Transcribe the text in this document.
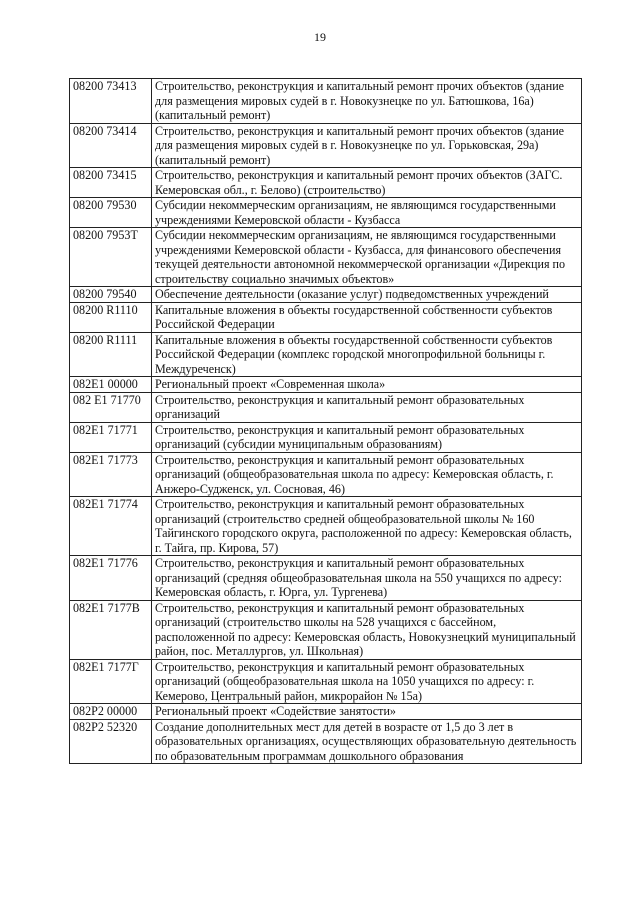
19
08200 73413	Строительство, реконструкция и капитальный ремонт прочих объектов (здание для размещения мировых судей в г. Новокузнецке по ул. Батюшкова, 16а) (капитальный ремонт)
08200 73414	Строительство, реконструкция и капитальный ремонт прочих объектов (здание для размещения мировых судей в г. Новокузнецке по ул. Горьковская, 29а) (капитальный ремонт)
08200 73415	Строительство, реконструкция и капитальный ремонт прочих объектов (ЗАГС. Кемеровская обл., г. Белово) (строительство)
08200 79530	Субсидии некоммерческим организациям, не являющимся государственными учреждениями Кемеровской области - Кузбасса
08200 7953Т	Субсидии некоммерческим организациям, не являющимся государственными учреждениями Кемеровской области - Кузбасса, для финансового обеспечения текущей деятельности автономной некоммерческой организации «Дирекция по строительству социально значимых объектов»
08200 79540	Обеспечение деятельности (оказание услуг) подведомственных учреждений
08200 R1110	Капитальные вложения в объекты государственной собственности субъектов Российской Федерации
08200 R1111	Капитальные вложения в объекты государственной собственности субъектов Российской Федерации (комплекс городской многопрофильной больницы г. Междуреченск)
082E1 00000	Региональный проект «Современная школа»
082 E1 71770	Строительство, реконструкция и капитальный ремонт образовательных организаций
082E1 71771	Строительство, реконструкция и капитальный ремонт образовательных организаций (субсидии муниципальным образованиям)
082E1 71773	Строительство, реконструкция и капитальный ремонт образовательных организаций (общеобразовательная школа по адресу: Кемеровская область, г. Анжеро-Судженск, ул. Сосновая, 46)
082E1 71774	Строительство, реконструкция и капитальный ремонт образовательных организаций (строительство средней общеобразовательной школы № 160 Тайгинского городского округа, расположенной по адресу: Кемеровская область, г. Тайга, пр. Кирова, 57)
082E1 71776	Строительство, реконструкция и капитальный ремонт образовательных организаций (средняя общеобразовательная школа на 550 учащихся по адресу: Кемеровская область, г. Юрга, ул. Тургенева)
082E1 7177В	Строительство, реконструкция и капитальный ремонт образовательных организаций (строительство школы на 528 учащихся с бассейном, расположенной по адресу: Кемеровская область, Новокузнецкий муниципальный район, пос. Металлургов, ул. Школьная)
082E1 7177Г	Строительство, реконструкция и капитальный ремонт образовательных организаций (общеобразовательная школа на 1050 учащихся по адресу: г. Кемерово, Центральный район, микрорайон № 15а)
082Р2 00000	Региональный проект «Содействие занятости»
082Р2 52320	Создание дополнительных мест для детей в возрасте от 1,5 до 3 лет в образовательных организациях, осуществляющих образовательную деятельность по образовательным программам дошкольного образования
